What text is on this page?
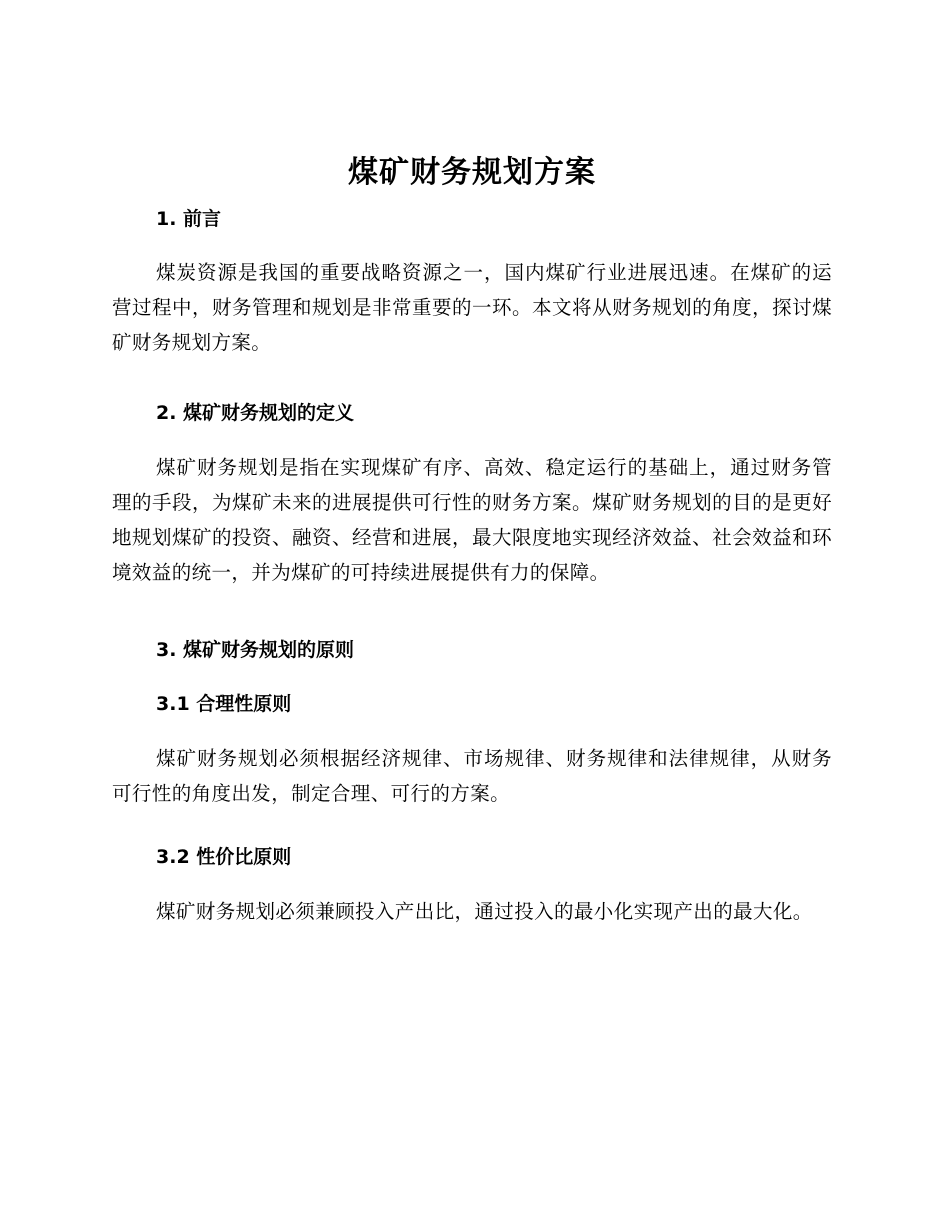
煤矿财务规划方案
1. 前言

煤炭资源是我国的重要战略资源之一，国内煤矿行业进展迅速。在煤矿的运营过程中，财务管理和规划是非常重要的一环。本文将从财务规划的角度，探讨煤矿财务规划方案。

2. 煤矿财务规划的定义

煤矿财务规划是指在实现煤矿有序、高效、稳定运行的基础上，通过财务管理的手段，为煤矿未来的进展提供可行性的财务方案。煤矿财务规划的目的是更好地规划煤矿的投资、融资、经营和进展，最大限度地实现经济效益、社会效益和环境效益的统一，并为煤矿的可持续进展提供有力的保障。

3. 煤矿财务规划的原则
3.1 合理性原则

煤矿财务规划必须根据经济规律、市场规律、财务规律和法律规律，从财务可行性的角度出发，制定合理、可行的方案。

3.2 性价比原则

煤矿财务规划必须兼顾投入产出比，通过投入的最小化实现产出的最大化。
